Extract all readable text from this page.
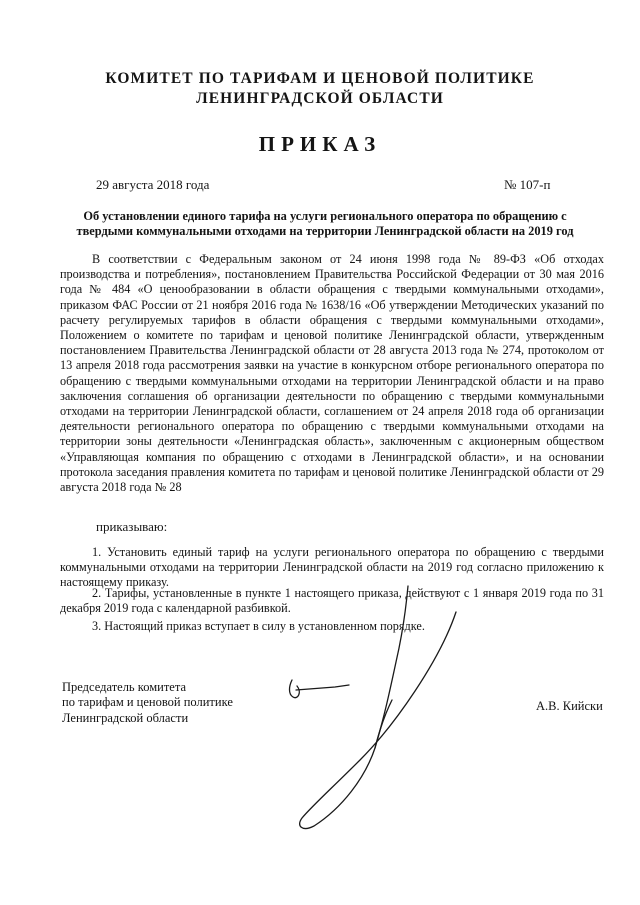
КОМИТЕТ ПО ТАРИФАМ И ЦЕНОВОЙ ПОЛИТИКЕ
ЛЕНИНГРАДСКОЙ ОБЛАСТИ
ПРИКАЗ
29 августа 2018 года	№ 107-п
Об установлении единого тарифа на услуги регионального оператора по обращению с твердыми коммунальными отходами на территории Ленинградской области на 2019 год

В соответствии с Федеральным законом от 24 июня 1998 года № 89-ФЗ «Об отходах производства и потребления», постановлением Правительства Российской Федерации от 30 мая 2016 года № 484 «О ценообразовании в области обращения с твердыми коммунальными отходами», приказом ФАС России от 21 ноября 2016 года № 1638/16 «Об утверждении Методических указаний по расчету регулируемых тарифов в области обращения с твердыми коммунальными отходами», Положением о комитете по тарифам и ценовой политике Ленинградской области, утвержденным постановлением Правительства Ленинградской области от 28 августа 2013 года № 274, протоколом от 13 апреля 2018 года рассмотрения заявки на участие в конкурсном отборе регионального оператора по обращению с твердыми коммунальными отходами на территории Ленинградской области и на право заключения соглашения об организации деятельности по обращению с твердыми коммунальными отходами на территории Ленинградской области, соглашением от 24 апреля 2018 года об организации деятельности регионального оператора по обращению с твердыми коммунальными отходами на территории зоны деятельности «Ленинградская область», заключенным с акционерным обществом «Управляющая компания по обращению с отходами в Ленинградской области», и на основании протокола заседания правления комитета по тарифам и ценовой политике Ленинградской области от 29 августа 2018 года № 28

приказываю:

1. Установить единый тариф на услуги регионального оператора по обращению с твердыми коммунальными отходами на территории Ленинградской области на 2019 год согласно приложению к настоящему приказу.

2. Тарифы, установленные в пункте 1 настоящего приказа, действуют с 1 января 2019 года по 31 декабря 2019 года с календарной разбивкой.

3. Настоящий приказ вступает в силу в установленном порядке.

Председатель комитета
по тарифам и ценовой политике
Ленинградской области
А.В. Кийски
